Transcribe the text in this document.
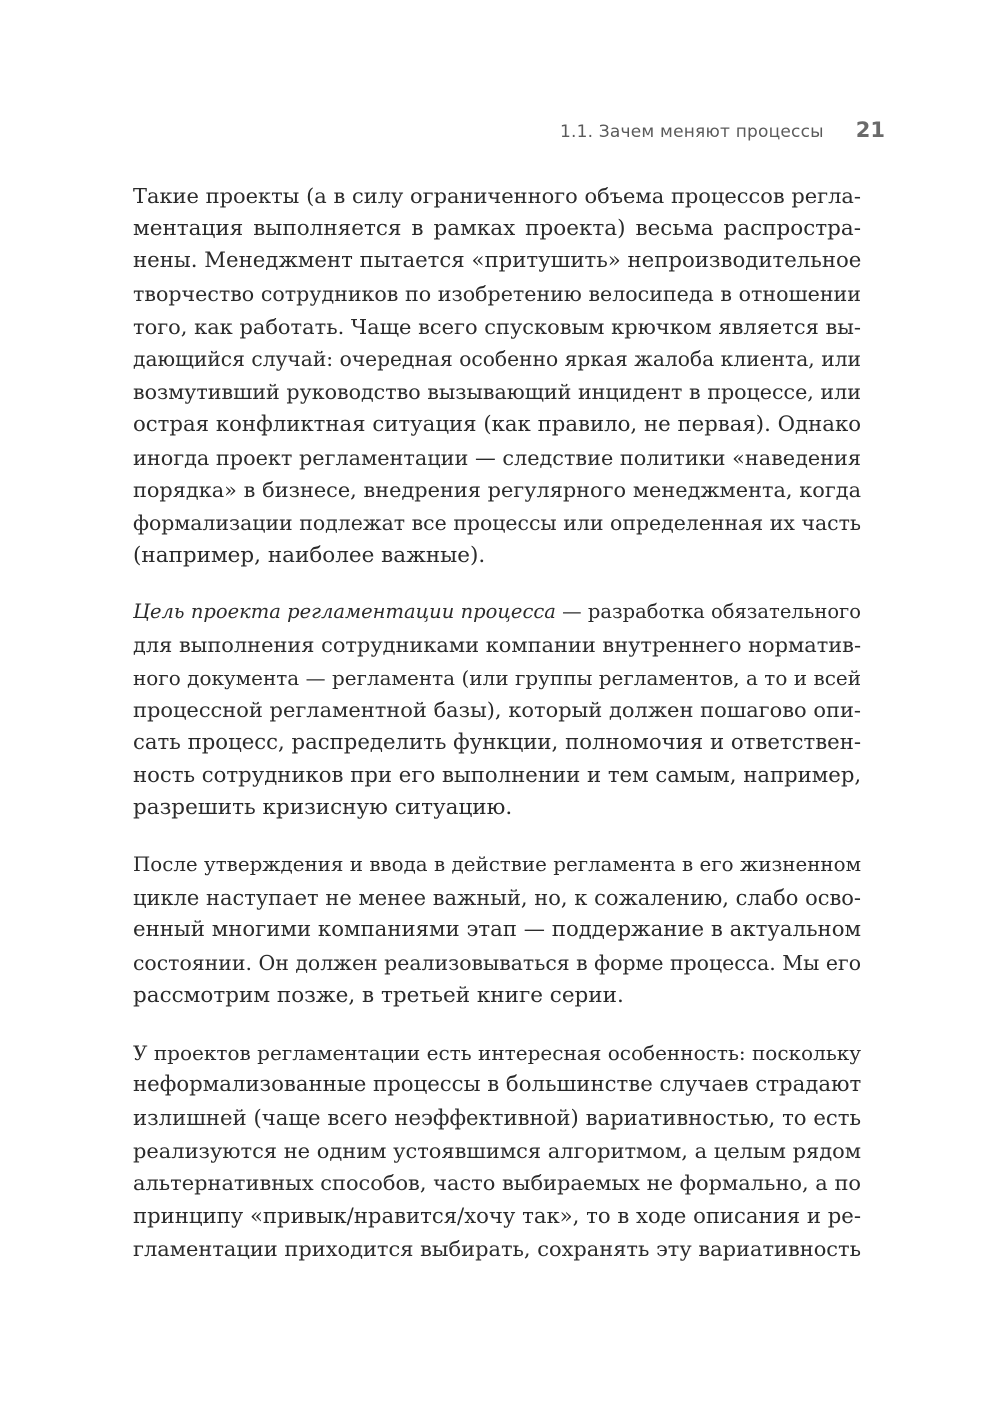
1.1. Зачем меняют процессы 21
Такие проекты (а в силу ограниченного объема процессов регла-
ментация выполняется в рамках проекта) весьма распростра-
нены. Менеджмент пытается «притушить» непроизводительное
творчество сотрудников по изобретению велосипеда в отношении
того, как работать. Чаще всего спусковым крючком является вы-
дающийся случай: очередная особенно яркая жалоба клиента, или
возмутивший руководство вызывающий инцидент в процессе, или
острая конфликтная ситуация (как правило, не первая). Однако
иногда проект регламентации — следствие политики «наведения
порядка» в бизнесе, внедрения регулярного менеджмента, когда
формализации подлежат все процессы или определенная их часть
(например, наиболее важные).
Цель проекта регламентации процесса — разработка обязательного
для выполнения сотрудниками компании внутреннего норматив-
ного документа — регламента (или группы регламентов, а то и всей
процессной регламентной базы), который должен пошагово опи-
сать процесс, распределить функции, полномочия и ответствен-
ность сотрудников при его выполнении и тем самым, например,
разрешить кризисную ситуацию.
После утверждения и ввода в действие регламента в его жизненном
цикле наступает не менее важный, но, к сожалению, слабо осво-
енный многими компаниями этап — поддержание в актуальном
состоянии. Он должен реализовываться в форме процесса. Мы его
рассмотрим позже, в третьей книге серии.
У проектов регламентации есть интересная особенность: поскольку
неформализованные процессы в большинстве случаев страдают
излишней (чаще всего неэффективной) вариативностью, то есть
реализуются не одним устоявшимся алгоритмом, а целым рядом
альтернативных способов, часто выбираемых не формально, а по
принципу «привык/нравится/хочу так», то в ходе описания и ре-
гламентации приходится выбирать, сохранять эту вариативность
